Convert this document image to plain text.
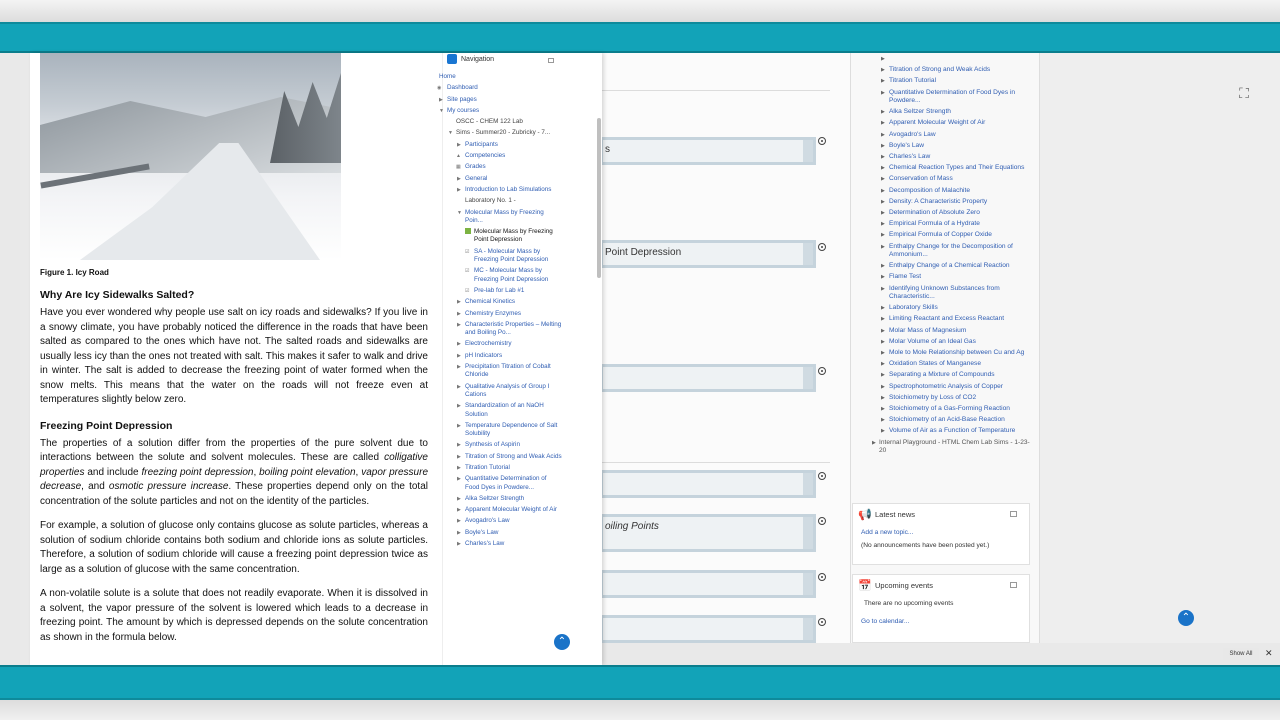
s
Point Depression
oiling Points
▶
▶ Titration of Strong and Weak Acids
▶ Titration Tutorial
▶ Quantitative Determination of Food Dyes in Powdere...
▶ Alka Seltzer Strength
▶ Apparent Molecular Weight of Air
▶ Avogadro's Law
▶ Boyle's Law
▶ Charles's Law
▶ Chemical Reaction Types and Their Equations
▶ Conservation of Mass
▶ Decomposition of Malachite
▶ Density: A Characteristic Property
▶ Determination of Absolute Zero
▶ Empirical Formula of a Hydrate
▶ Empirical Formula of Copper Oxide
▶ Enthalpy Change for the Decomposition of Ammonium...
▶ Enthalpy Change of a Chemical Reaction
▶ Flame Test
▶ Identifying Unknown Substances from Characteristic...
▶ Laboratory Skills
▶ Limiting Reactant and Excess Reactant
▶ Molar Mass of Magnesium
▶ Molar Volume of an Ideal Gas
▶ Mole to Mole Relationship between Cu and Ag
▶ Oxidation States of Manganese
▶ Separating a Mixture of Compounds
▶ Spectrophotometric Analysis of Copper
▶ Stoichiometry by Loss of CO2
▶ Stoichiometry of a Gas-Forming Reaction
▶ Stoichiometry of an Acid-Base Reaction
▶ Volume of Air as a Function of Temperature
▶ Internal Playground - HTML Chem Lab Sims - 1-23-20
📢 Latest news
Add a new topic...
(No announcements have been posted yet.)
📅 Upcoming events
There are no upcoming events
Go to calendar...
⛶
⌃
Figure 1. Icy Road
Why Are Icy Sidewalks Salted?
Have you ever wondered why people use salt on icy roads and sidewalks? If you live in a snowy climate, you have probably noticed the difference in the roads that have been salted as compared to the ones which have not. The salted roads and sidewalks are usually less icy than the ones not treated with salt. This makes it safer to walk and drive in winter. The salt is added to decrease the freezing point of water formed when the snow melts. This means that the water on the roads will not freeze even at temperatures slightly below zero.
Freezing Point Depression
The properties of a solution differ from the properties of the pure solvent due to interactions between the solute and solvent molecules. These are called colligative properties and include freezing point depression, boiling point elevation, vapor pressure decrease, and osmotic pressure increase. These properties depend only on the total concentration of the solute particles and not on the identity of the particles.
For example, a solution of glucose only contains glucose as solute particles, whereas a solution of sodium chloride contains both sodium and chloride ions as solute particles. Therefore, a solution of sodium chloride will cause a freezing point depression twice as large as a solution of glucose with the same concentration.
A non-volatile solute is a solute that does not readily evaporate. When it is dissolved in a solvent, the vapor pressure of the solvent is lowered which leads to a decrease in freezing point. The amount by which is depressed depends on the solute concentration as shown in the formula below.
Navigation
Home
◉ Dashboard
▶ Site pages
▼ My courses
OSCC - CHEM 122 Lab
▼ Sims - Summer20 - Zubricky - 7...
▶ Participants
▲ Competencies
▦ Grades
▶ General
▶ Introduction to Lab Simulations
Laboratory No. 1 -
▼ Molecular Mass by Freezing Poin...
Molecular Mass by Freezing Point Depression
☑ SA - Molecular Mass by Freezing Point Depression
☑ MC - Molecular Mass by Freezing Point Depression
☑ Pre-lab for Lab #1
▶ Chemical Kinetics
▶ Chemistry Enzymes
▶ Characteristic Properties – Melting and Boiling Po...
▶ Electrochemistry
▶ pH Indicators
▶ Precipitation Titration of Cobalt Chloride
▶ Qualitative Analysis of Group I Cations
▶ Standardization of an NaOH Solution
▶ Temperature Dependence of Salt Solubility
▶ Synthesis of Aspirin
▶ Titration of Strong and Weak Acids
▶ Titration Tutorial
▶ Quantitative Determination of Food Dyes in Powdere...
▶ Alka Seltzer Strength
▶ Apparent Molecular Weight of Air
▶ Avogadro's Law
▶ Boyle's Law
▶ Charles's Law
⌃
Show All	✕
